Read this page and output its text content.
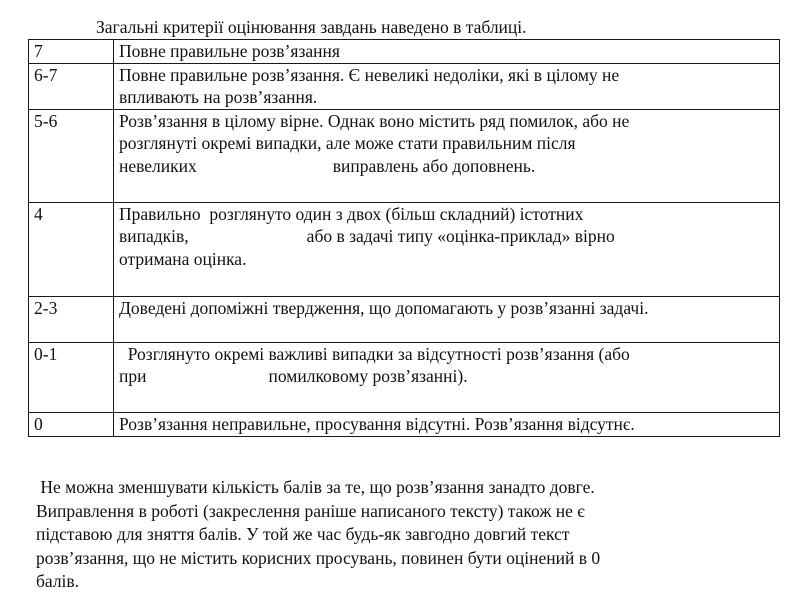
Загальні критерії оцінювання завдань наведено в таблиці.
7	Повне правильне розв’язання

6-7	Повне правильне розв’язання. Є невеликі недоліки, які в цілому не
впливають на розв’язання.

5-6	Розв’язання в цілому вірне. Однак воно містить ряд помилок, або не
розглянуті окремі випадки, але може стати правильним після
невеликих виправлень або доповнень.

4	Правильно  розглянуто один з двох (більш складний) істотних
випадків, або в задачі типу «оцінка-приклад» вірно
отримана оцінка.

2-3	Доведені допоміжні твердження, що допомагають у розв’язанні задачі.

0-1	Розглянуто окремі важливі випадки за відсутності розв’язання (або
при помилковому розв’язанні).

0	Розв’язання неправильне, просування відсутні. Розв’язання відсутнє.
Не можна зменшувати кількість балів за те, що розв’язання занадто довге.
Виправлення в роботі (закреслення раніше написаного тексту) також не є
підставою для зняття балів. У той же час будь-як завгодно довгий текст
розв’язання, що не містить корисних просувань, повинен бути оцінений в 0
балів.
